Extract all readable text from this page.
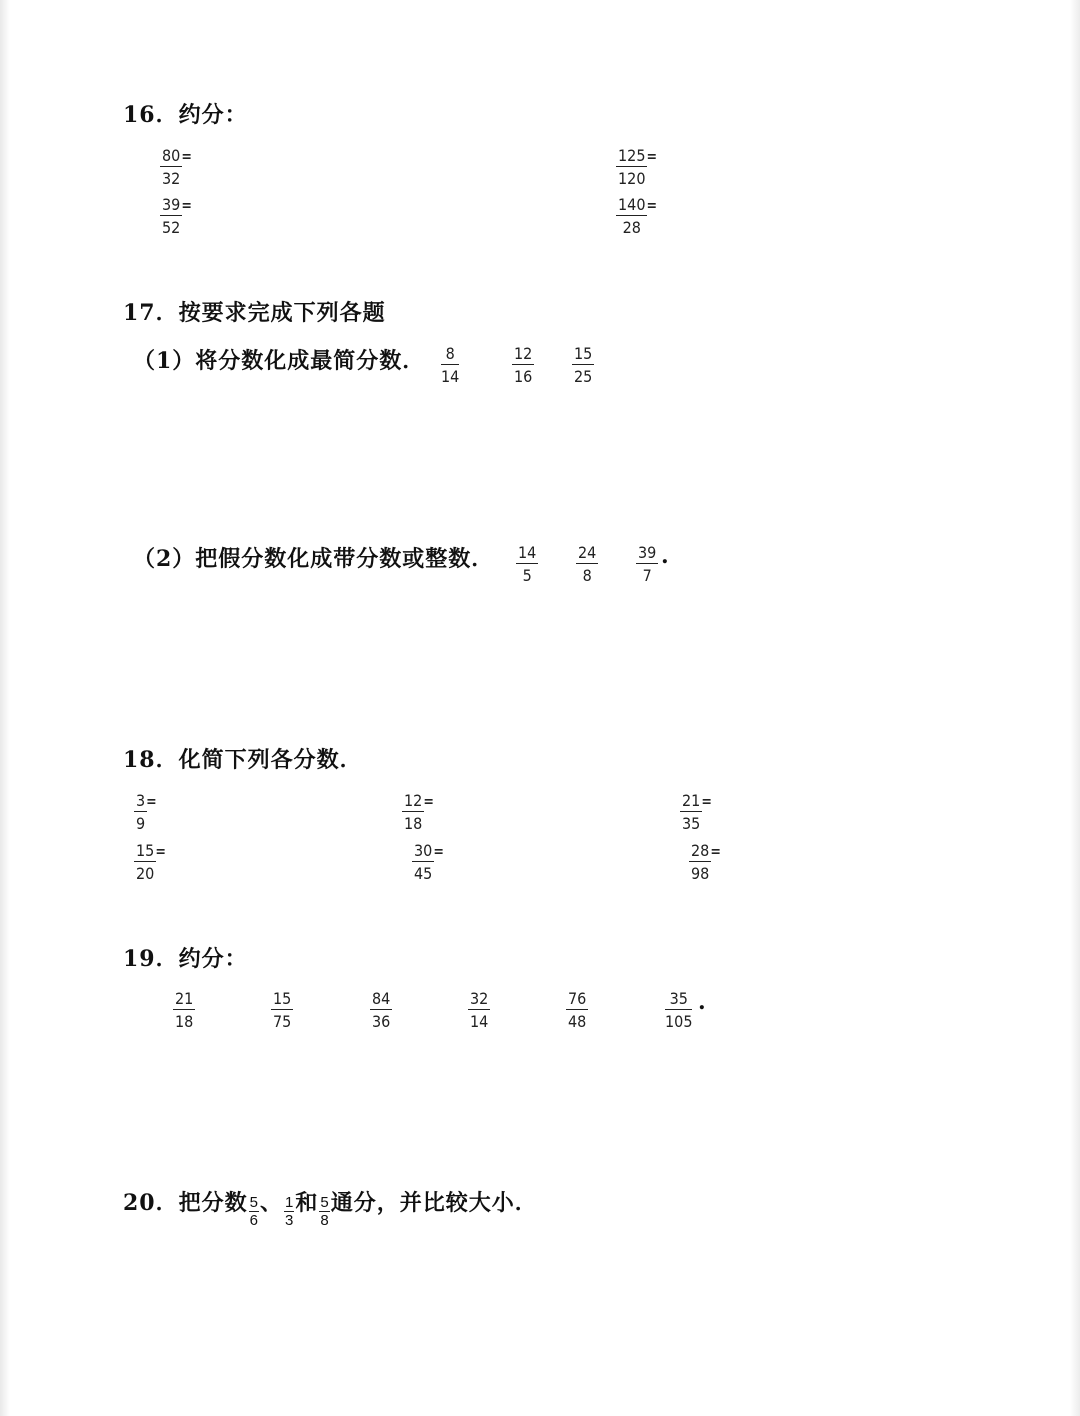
16．约分：
80
32
=	125
120
=
39
52
=	140
28
=
17．按要求完成下列各题
（1）将分数化成最简分数． $\frac{8}{14}$	$\frac{12}{16} \frac{15}{25}$
（2）把假分数化成带分数或整数． $\frac{14}{5} \frac{24}{8} \frac{39}{7}$ .
18．化简下列各分数．
3
9
=	12
18
=	21
35
=
15
20
=	30
45
=	28
98
=
19．约分：
$\frac{21}{18}$	$\frac{15}{75}$	$\frac{84}{36}$	$\frac{32}{14}$	$\frac{76}{48}$	$\frac{35}{105}$ .
20．把分数 $\frac{5}{6}$ 、 $\frac{1}{3}$ 和 $\frac{5}{8}$ 通分，并比较大小．
